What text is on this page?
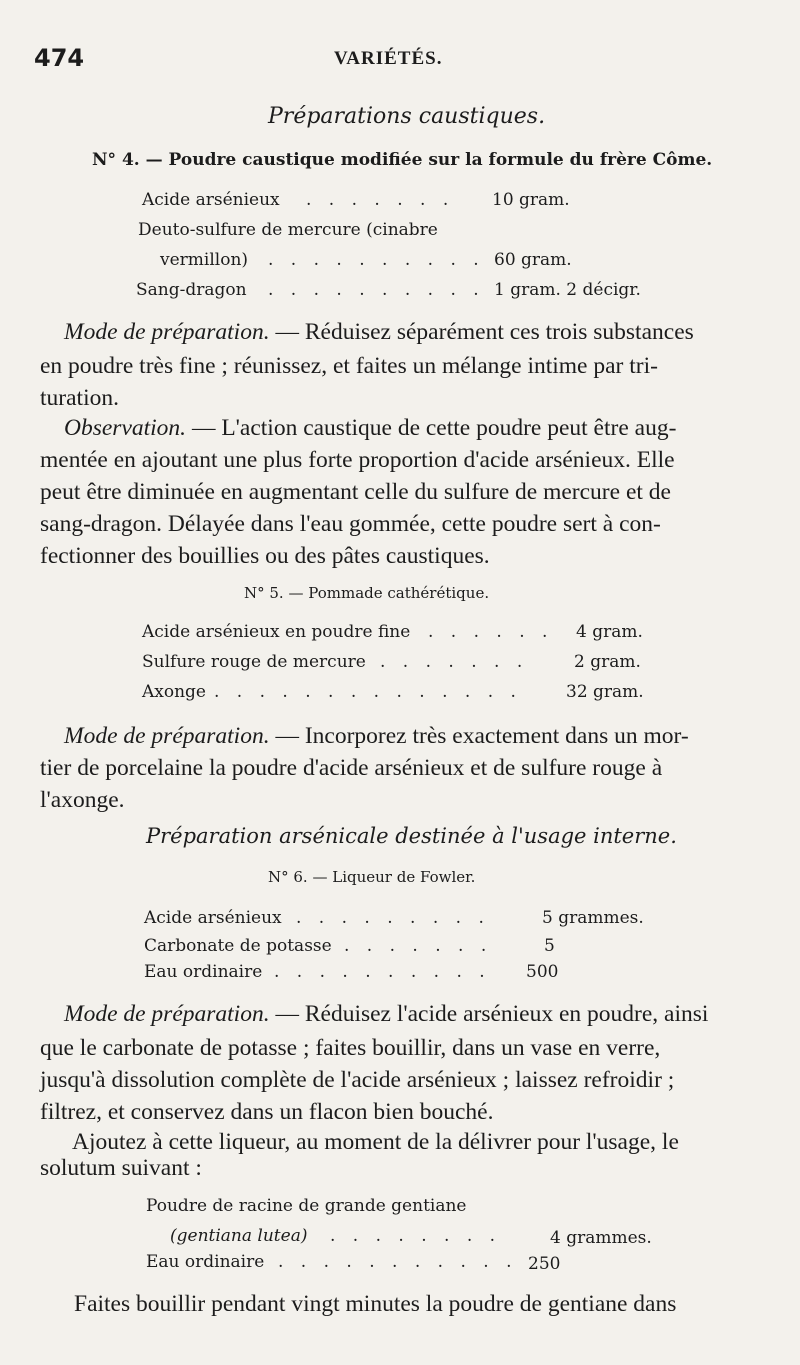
474	VARIÉTÉS.
Préparations caustiques.
N° 4. — Poudre caustique modifiée sur la formule du frère Côme.
Acide arsénieux . . . . . . . 10 gram.
Deuto-sulfure de mercure (cinabre
vermillon) . . . . . . . . . . 60 gram.
Sang-dragon . . . . . . . . . . 1 gram. 2 décigr.
Mode de préparation. — Réduisez séparément ces trois substances
en poudre très fine ; réunissez, et faites un mélange intime par tri-
turation.
Observation. — L'action caustique de cette poudre peut être aug-
mentée en ajoutant une plus forte proportion d'acide arsénieux. Elle
peut être diminuée en augmentant celle du sulfure de mercure et de
sang-dragon. Délayée dans l'eau gommée, cette poudre sert à con-
fectionner des bouillies ou des pâtes caustiques.
N° 5. — Pommade cathérétique.
Acide arsénieux en poudre fine . . . . . . 4 gram.
Sulfure rouge de mercure . . . . . . .	2 gram.
Axonge . . . . . . . . . . . . . .	32 gram.
Mode de préparation. — Incorporez très exactement dans un mor-
tier de porcelaine la poudre d'acide arsénieux et de sulfure rouge à
l'axonge.
Préparation arsénicale destinée à l'usage interne.
N° 6. — Liqueur de Fowler.
Acide arsénieux . . . . . . . . .	5 grammes.
Carbonate de potasse . . . . . . .	5
Eau ordinaire . . . . . . . . . . 500
Mode de préparation. — Réduisez l'acide arsénieux en poudre, ainsi
que le carbonate de potasse ; faites bouillir, dans un vase en verre,
jusqu'à dissolution complète de l'acide arsénieux ; laissez refroidir ;
filtrez, et conservez dans un flacon bien bouché.
Ajoutez à cette liqueur, au moment de la délivrer pour l'usage, le
solutum suivant :
Poudre de racine de grande gentiane
(gentiana lutea) . . . . . . . .	4 grammes.
Eau ordinaire . . . . . . . . . . . 250
Faites bouillir pendant vingt minutes la poudre de gentiane dans
